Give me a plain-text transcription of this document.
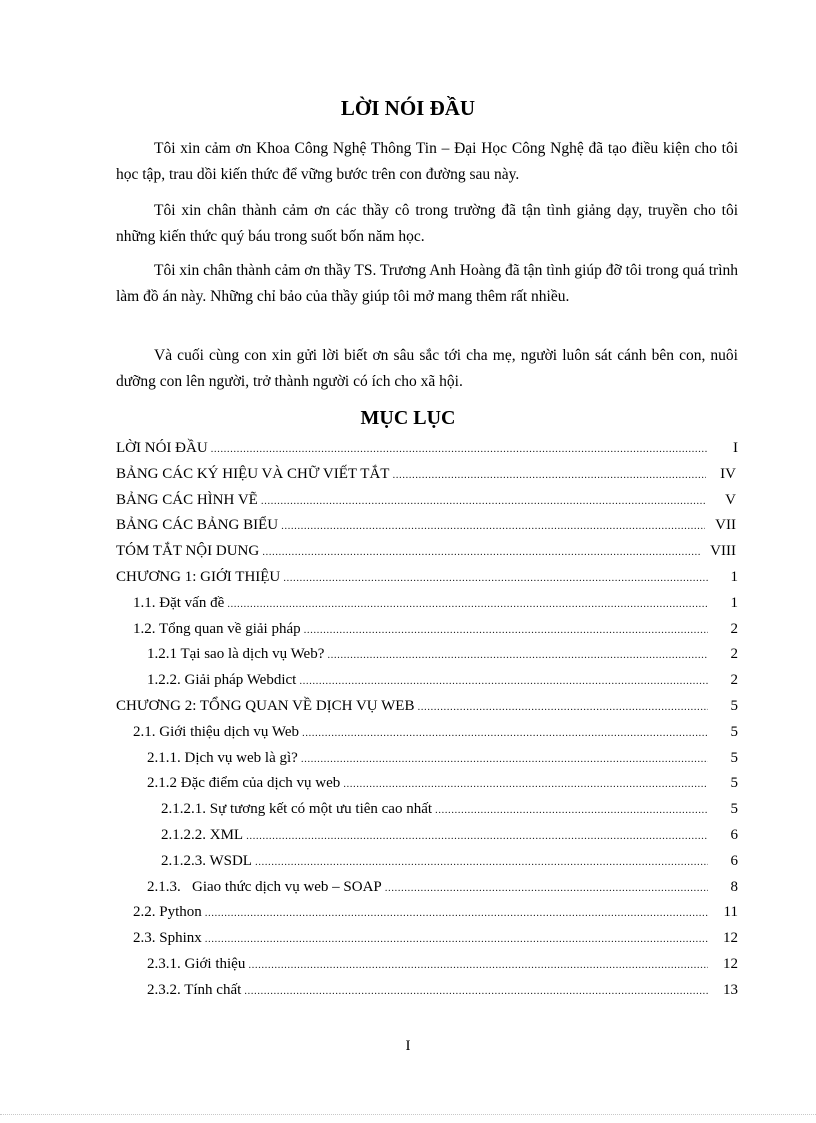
LỜI NÓI ĐẦU

Tôi xin cảm ơn Khoa Công Nghệ Thông Tin – Đại Học Công Nghệ đã tạo điều kiện cho tôi học tập, trau dồi kiến thức để vững bước trên con đường sau này.

Tôi xin chân thành cảm ơn các thầy cô trong trường đã tận tình giảng dạy, truyền cho tôi những kiến thức quý báu trong suốt bốn năm học.

Tôi xin chân thành cảm ơn thầy TS. Trương Anh Hoàng đã tận tình giúp đỡ tôi trong quá trình làm đồ án này. Những chỉ bảo của thầy giúp tôi mở mang thêm rất nhiều.

Và cuối cùng con xin gửi lời biết ơn sâu sắc tới cha mẹ, người luôn sát cánh bên con, nuôi dưỡng con lên người, trở thành người có ích cho xã hội.

MỤC LỤC
LỜI NÓI ĐẦU .....	I
BẢNG CÁC KÝ HIỆU VÀ CHỮ VIẾT TẮT .....	IV
BẢNG CÁC HÌNH VẼ .....	V
BẢNG CÁC BẢNG BIỂU .....	VII
TÓM TẮT NỘI DUNG .....	VIII
CHƯƠNG 1: GIỚI THIỆU .....	1
1.1. Đặt vấn đề .....	1
1.2. Tổng quan về giải pháp .....	2
1.2.1 Tại sao là dịch vụ Web? .....	2
1.2.2. Giải pháp Webdict .....	2
CHƯƠNG 2: TỔNG QUAN VỀ DỊCH VỤ WEB .....	5
2.1. Giới thiệu dịch vụ Web .....	5
2.1.1. Dịch vụ web là gì? .....	5
2.1.2 Đặc điểm của dịch vụ web .....	5
2.1.2.1. Sự tương kết có một ưu tiên cao nhất .....	5
2.1.2.2. XML .....	6
2.1.2.3. WSDL .....	6
2.1.3.   Giao thức dịch vụ web – SOAP .....	8
2.2. Python .....	11
2.3. Sphinx .....	12
2.3.1. Giới thiệu .....	12
2.3.2. Tính chất .....	13
I
